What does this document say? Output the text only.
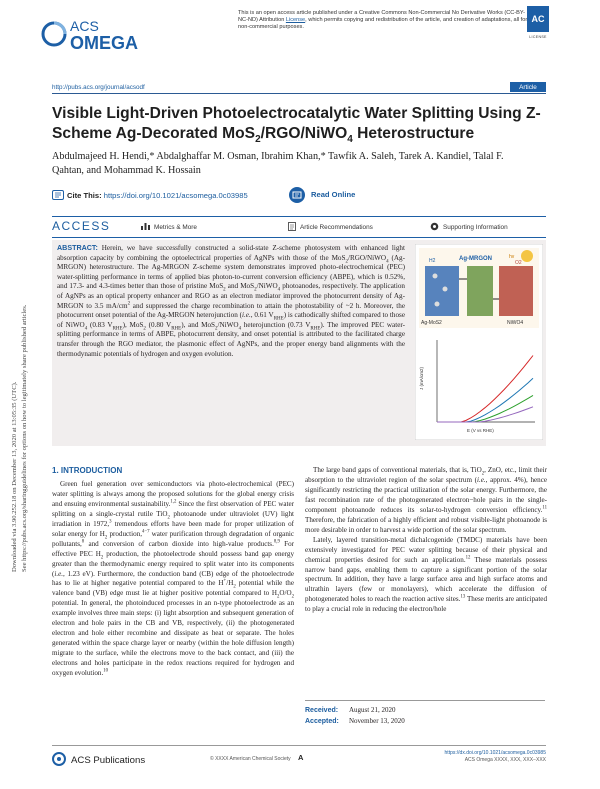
ACS
OMEGA
This is an open access article published under a Creative Commons Non-Commercial No Derivative Works (CC-BY-NC-ND) Attribution License, which permits copying and redistribution of the article, and creation of adaptations, all for non-commercial purposes.
AC
LICENSE
http://pubs.acs.org/journal/acsodf	Article
Visible Light-Driven Photoelectrocatalytic Water Splitting Using Z-Scheme Ag-Decorated MoS$_2$/RGO/NiWO$_4$ Heterostructure
Abdulmajeed H. Hendi,* Abdalghaffar M. Osman, Ibrahim Khan,* Tawfik A. Saleh, Tarek A. Kandiel, Talal F. Qahtan, and Mohammad K. Hossain
Cite This: https://doi.org/10.1021/acsomega.0c03985	Read Online
ACCESS	Metrics & More	Article Recommendations	Supporting Information
ABSTRACT: Herein, we have successfully constructed a solid-state Z-scheme photosystem with enhanced light absorption capacity by combining the optoelectrical properties of AgNPs with those of the MoS$_2$/RGO/NiWO$_4$ (Ag-MRGON) heterostructure. The Ag-MRGON Z-scheme system demonstrates improved photo-electrochemical (PEC) water-splitting performance in terms of applied bias photon-to-current conversion efficiency (ABPE), which is 0.52%, and 17.3- and 4.3-times better than those of pristine MoS$_2$ and MoS$_2$/NiWO$_4$ photoanodes, respectively. The application of AgNPs as an optical property enhancer and RGO as an electron mediator improved the photocurrent density of Ag-MRGON to 3.5 $mA/cm^2$ and suppressed the charge recombination to attain the photostability of ~2 h. Moreover, the photocurrent onset potential of the Ag-MRGON heterojunction (i.e., 0.61 $V_{RHE}$) is cathodically shifted compared to those of NiWO$_4$ (0.83 $V_{RHE}$), MoS$_2$ (0.80 $V_{RHE}$), and MoS$_2$/NiWO$_4$ heterojunction (0.73 $V_{RHE}$). The improved PEC water-splitting performance in terms of ABPE, photocurrent density, and onset potential is attributed to the facilitated charge transfer through the RGO mediator, the plasmonic effect of AgNPs, and the proper energy band alignments with the thermodynamic potentials of hydrogen and oxygen evolution.
hv
Ag-MoS2	NiWO4
Ag-MRGON
H2	O2
J (mA/cm2)
E (V vs RHE)
Downloaded via 3.90.252.18 on December 13, 2020 at 13:05:35 (UTC). See https://pubs.acs.org/sharingguidelines for options on how to legitimately share published articles.	1. INTRODUCTION

Green fuel generation over semiconductors via photo-electrochemical (PEC) water splitting is always among the proposed solutions for the global energy crisis and ensuing environmental sustainability.$^{1,2}$ Since the first observation of PEC water splitting on a single-crystal rutile TiO$_2$ photoanode under ultraviolet (UV) light irradiation in 1972,$^3$ tremendous efforts have been made for proper utilization of solar energy for $H_2$ production,$^{4-7}$ water purification through degradation of organic pollutants,$^8$ and conversion of carbon dioxide into high-value products.$^{8,9}$ For effective PEC $H_2$ production, the photoelectrode should possess band gap energy greater than the thermodynamic energy required to split water into its components (i.e., 1.23 eV). Furthermore, the conduction band (CB) edge of the photoelectrode has to lie at higher negative potential compared to the $H^+/H_2$ potential while the valence band (VB) edge must lie at higher positive potential compared to $H_2O/O_2$ potential. In general, the photoinduced processes in an n-type photoelectrode as an example involves three main steps: (i) light absorption and subsequent generation of electron and hole pairs in the CB and VB, respectively, (ii) the photogenerated electron and hole either recombine and dissipate as heat or separate. The holes generated within the space charge layer or nearby (within the hole diffusion length) migrate to the surface, while the electrons move to the back contact, and (iii) the electrons and holes participate in the redox reactions required for hydrogen and oxygen evolution.$^{10}$

The large band gaps of conventional materials, that is, TiO$_2$, ZnO, etc., limit their absorption to the ultraviolet region of the solar spectrum (i.e., approx. 4%), hence significantly restricting the practical utilization of the solar energy. Furthermore, the fast recombination rate of the photogenerated electron−hole pairs in the single-component photoanode reduces its solar-to-hydrogen conversion efficiency.$^{11}$ Therefore, the fabrication of a highly efficient and robust visible-light photoanode is more desirable in order to harvest a wide portion of the solar spectrum.

Lately, layered transition-metal dichalcogenide (TMDC) materials have been extensively investigated for PEC water splitting because of their physical and chemical properties desired for such an application.$^{12}$ These materials possess narrow band gaps, enabling them to capture a significant portion of the solar spectrum. In addition, they have a large surface area and high surface atoms and ultrathin layers (few or monolayers), which accelerate the diffusion of photogenerated holes to reach the reaction active sites.$^{13}$ These merits are anticipated to play a crucial role in reducing the electron/hole

Received: August 21, 2020
Accepted: November 13, 2020
ACS Publications	© XXXX American Chemical Society A	https://dx.doi.org/10.1021/acsomega.0c03985
ACS Omega XXXX, XXX, XXX−XXX
